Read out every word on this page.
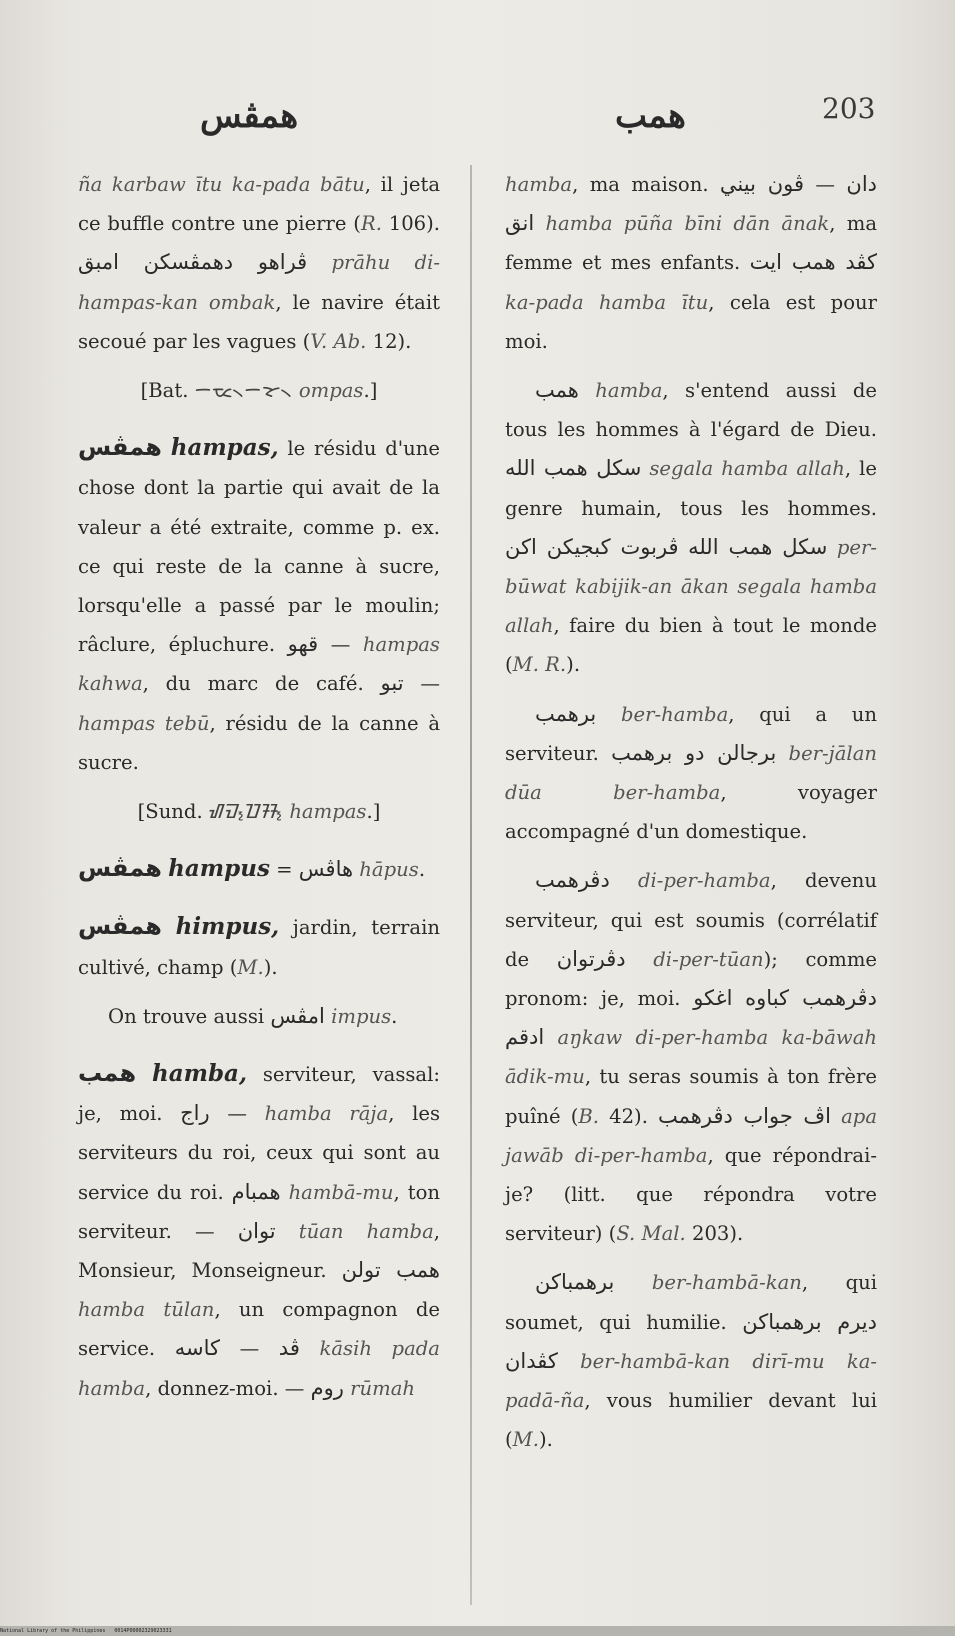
همڤس	همب	203

ña karbaw ītu ka-pada bātu, il jeta ce buffle contre une pierre (R. 106). ڤراهو دهمڤسكن امبق prāhu di-hampas-kan ombak, le navire était secoué par les vagues (V. Ab. 12).

[Bat. ᯇᯔ᯲ᯇᯘ᯲ ompas.]

همڤس hampas, le résidu d'une chose dont la partie qui avait de la valeur a été extraite, comme p. ex. ce qui reste de la canne à sucre, lorsqu'elle a passé par le moulin; râclure, épluchure. قهو — hampas kahwa, du marc de café. تبو — hampas tebū, résidu de la canne à sucre.

[Sund. ᮠᮙ᮪ᮕᮞ᮪ hampas.]

همڤس hampus = هاڤس hāpus.

همڤس himpus, jardin, terrain cultivé, champ (M.).

On trouve aussi امڤس impus.

همب hamba, serviteur, vassal: je, moi. راج — hamba rāja, les serviteurs du roi, ceux qui sont au service du roi. همبام hambā-mu, ton serviteur. — توان tūan hamba, Monsieur, Monseigneur. همب تولن hamba tūlan, un compagnon de service. كاسه — ڤد kāsih pada hamba, donnez-moi. — روم rūmah

hamba, ma maison. ڤون بيني — دان انق hamba pūña bīni dān ānak, ma femme et mes enfants. كڤد همب ايت ka-pada hamba ītu, cela est pour moi.

همب hamba, s'entend aussi de tous les hommes à l'égard de Dieu. سكل همب الله segala hamba allah, le genre humain, tous les hommes. ڤربوت كبجيكن اكن سكل همب الله per-būwat kabijik-an ākan segala hamba allah, faire du bien à tout le monde (M. R.).

برهمب ber-hamba, qui a un serviteur. برجالن دو برهمب ber-jālan dūa ber-hamba, voyager accompagné d'un domestique.

دڤرهمب di-per-hamba, devenu serviteur, qui est soumis (corrélatif de دڤرتوان di-per-tūan); comme pronom: je, moi. اغكو دڤرهمب كباوه ادقم aŋkaw di-per-hamba ka-bāwah ādik-mu, tu seras soumis à ton frère puîné (B. 42). اڤ جواب دڤرهمب apa jawāb di-per-hamba, que répondrai-je? (litt. que répondra votre serviteur) (S. Mal. 203).

برهمباكن ber-hambā-kan, qui soumet, qui humilie. برهمباكن ديرم كڤدان ber-hambā-kan dirī-mu ka-padā-ña, vous humilier devant lui (M.).

National Library of the Philippines 0014P00002329023331
